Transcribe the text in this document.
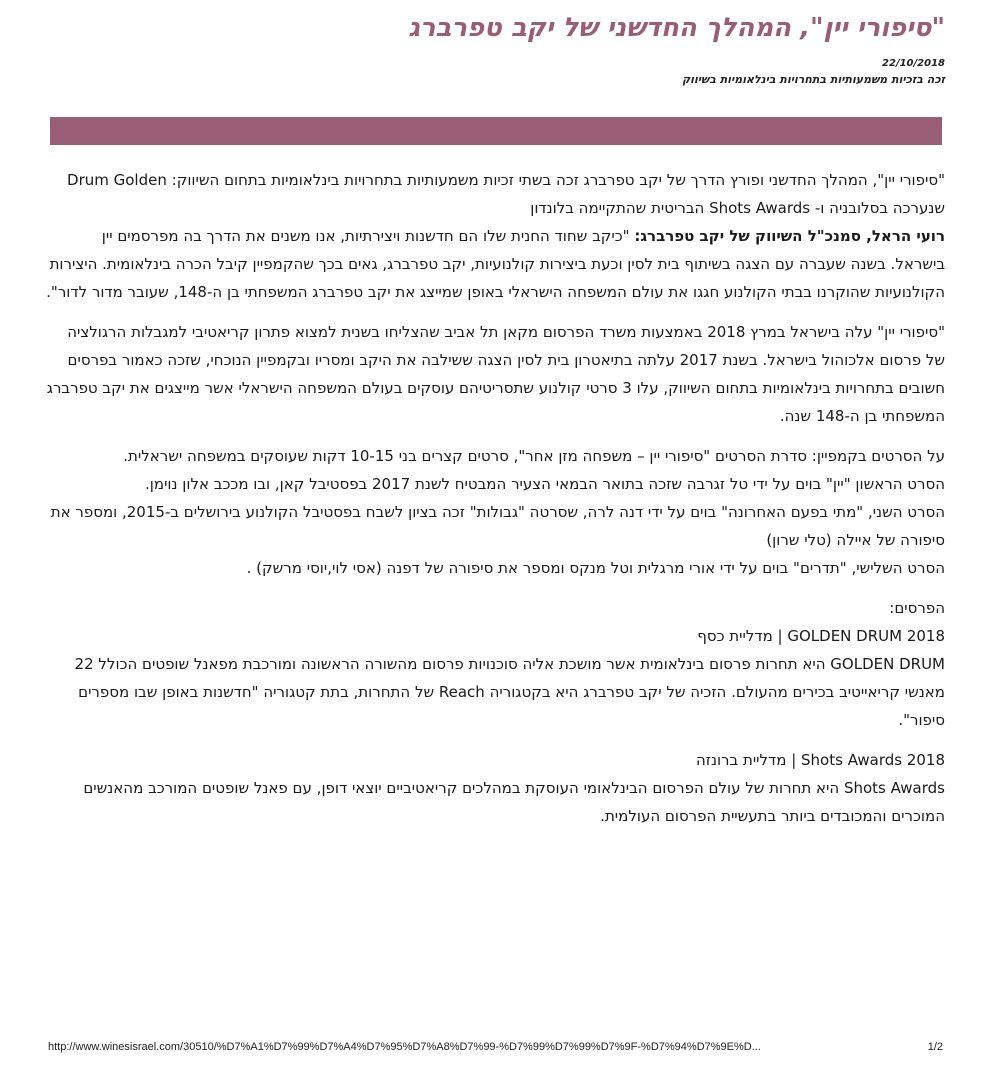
"סיפורי יין", המהלך החדשני של יקב טפרברג
22/10/2018
זכה בזכיות משמעותיות בתחרויות בינלאומיות בשיווק

"סיפורי יין", המהלך החדשני ופורץ הדרך של יקב טפרברג זכה בשתי זכיות משמעותיות בתחרויות בינלאומיות בתחום השיווק: Drum Golden שנערכה בסלובניה ו- Shots Awards הבריטית שהתקיימה בלונדון

רועי הראל, סמנכ"ל השיווק של יקב טפרברג: "כיקב שחוד החנית שלו הם חדשנות ויצירתיות, אנו משנים את הדרך בה מפרסמים יין בישראל. בשנה שעברה עם הצגה בשיתוף בית לסין וכעת ביצירות קולנועיות, יקב טפרברג, גאים בכך שהקמפיין קיבל הכרה בינלאומית. היצירות הקולנועיות שהוקרנו בבתי הקולנוע חגגו את עולם המשפחה הישראלי באופן שמייצג את יקב טפרברג המשפחתי בן ה-148, שעובר מדור לדור".

"סיפורי יין" עלה בישראל במרץ 2018 באמצעות משרד הפרסום מקאן תל אביב שהצליחו בשנית למצוא פתרון קריאטיבי למגבלות הרגולציה של פרסום אלכוהול בישראל. בשנת 2017 עלתה בתיאטרון בית לסין הצגה ששילבה את היקב ומסריו ובקמפיין הנוכחי, שזכה כאמור בפרסים חשובים בתחרויות בינלאומיות בתחום השיווק, עלו 3 סרטי קולנוע שתסריטיהם עוסקים בעולם המשפחה הישראלי אשר מייצגים את יקב טפרברג המשפחתי בן ה-148 שנה.

על הסרטים בקמפיין: סדרת הסרטים "סיפורי יין – משפחה מזן אחר", סרטים קצרים בני 10-15 דקות שעוסקים במשפחה ישראלית.

הסרט הראשון "יין" בוים על ידי טל זגרבה שזכה בתואר הבמאי הצעיר המבטיח לשנת 2017 בפסטיבל קאן, ובו מככב אלון נוימן.

הסרט השני, "מתי בפעם האחרונה" בוים על ידי דנה לרה, שסרטה "גבולות" זכה בציון לשבח בפסטיבל הקולנוע בירושלים ב-2015, ומספר את סיפורה של איילה (טלי שרון)

הסרט השלישי, "תדרים" בוים על ידי אורי מרגלית וטל מנקס ומספר את סיפורה של דפנה (אסי לוי,יוסי מרשק) .

הפרסים:

GOLDEN DRUM 2018 | מדליית כסף

GOLDEN DRUM היא תחרות פרסום בינלאומית אשר מושכת אליה סוכנויות פרסום מהשורה הראשונה ומורכבת מפאנל שופטים הכולל 22 מאנשי קריאייטיב בכירים מהעולם. הזכיה של יקב טפרברג היא בקטגוריה Reach של התחרות, בתת קטגוריה "חדשנות באופן שבו מספרים סיפור".

Shots Awards 2018 | מדליית ברונזה

Shots Awards היא תחרות של עולם הפרסום הבינלאומי העוסקת במהלכים קריאטיביים יוצאי דופן, עם פאנל שופטים המורכב מהאנשים המוכרים והמכובדים ביותר בתעשיית הפרסום העולמית.

http://www.winesisrael.com/30510/%D7%A1%D7%99%D7%A4%D7%95%D7%A8%D7%99-%D7%99%D7%99%D7%9F-%D7%94%D7%9E%D...	1/2
